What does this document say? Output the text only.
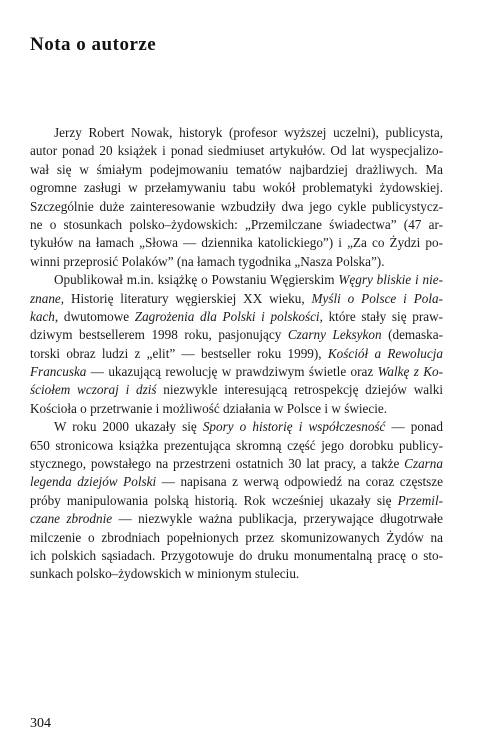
Nota o autorze
Jerzy Robert Nowak, historyk (profesor wyższej uczelni), publicysta,
autor ponad 20 książek i ponad siedmiuset artykułów. Od lat wyspecjalizo-
wał się w śmiałym podejmowaniu tematów najbardziej drażliwych. Ma
ogromne zasługi w przełamywaniu tabu wokół problematyki żydowskiej.
Szczególnie duże zainteresowanie wzbudziły dwa jego cykle publicystycz-
ne o stosunkach polsko–żydowskich: „Przemilczane świadectwa” (47 ar-
tykułów na łamach „Słowa — dziennika katolickiego”) i „Za co Żydzi po-
winni przeprosić Polaków” (na łamach tygodnika „Nasza Polska”).
Opublikował m.in. książkę o Powstaniu Węgierskim Węgry bliskie i nie-
znane, Historię literatury węgierskiej XX wieku, Myśli o Polsce i Pola-
kach, dwutomowe Zagrożenia dla Polski i polskości, które stały się praw-
dziwym bestsellerem 1998 roku, pasjonujący Czarny Leksykon (demaska-
torski obraz ludzi z „elit” — bestseller roku 1999), Kościół a Rewolucja
Francuska — ukazującą rewolucję w prawdziwym świetle oraz Walkę z Ko-
ściołem wczoraj i dziś niezwykle interesującą retrospekcję dziejów walki
Kościoła o przetrwanie i możliwość działania w Polsce i w świecie.
W roku 2000 ukazały się Spory o historię i współczesność — ponad
650 stronicowa książka prezentująca skromną część jego dorobku publicy-
stycznego, powstałego na przestrzeni ostatnich 30 lat pracy, a także Czarna
legenda dziejów Polski — napisana z werwą odpowiedź na coraz częstsze
próby manipulowania polską historią. Rok wcześniej ukazały się Przemil-
czane zbrodnie — niezwykle ważna publikacja, przerywające długotrwałe
milczenie o zbrodniach popełnionych przez skomunizowanych Żydów na
ich polskich sąsiadach. Przygotowuje do druku monumentalną pracę o sto-
sunkach polsko–żydowskich w minionym stuleciu.
304
